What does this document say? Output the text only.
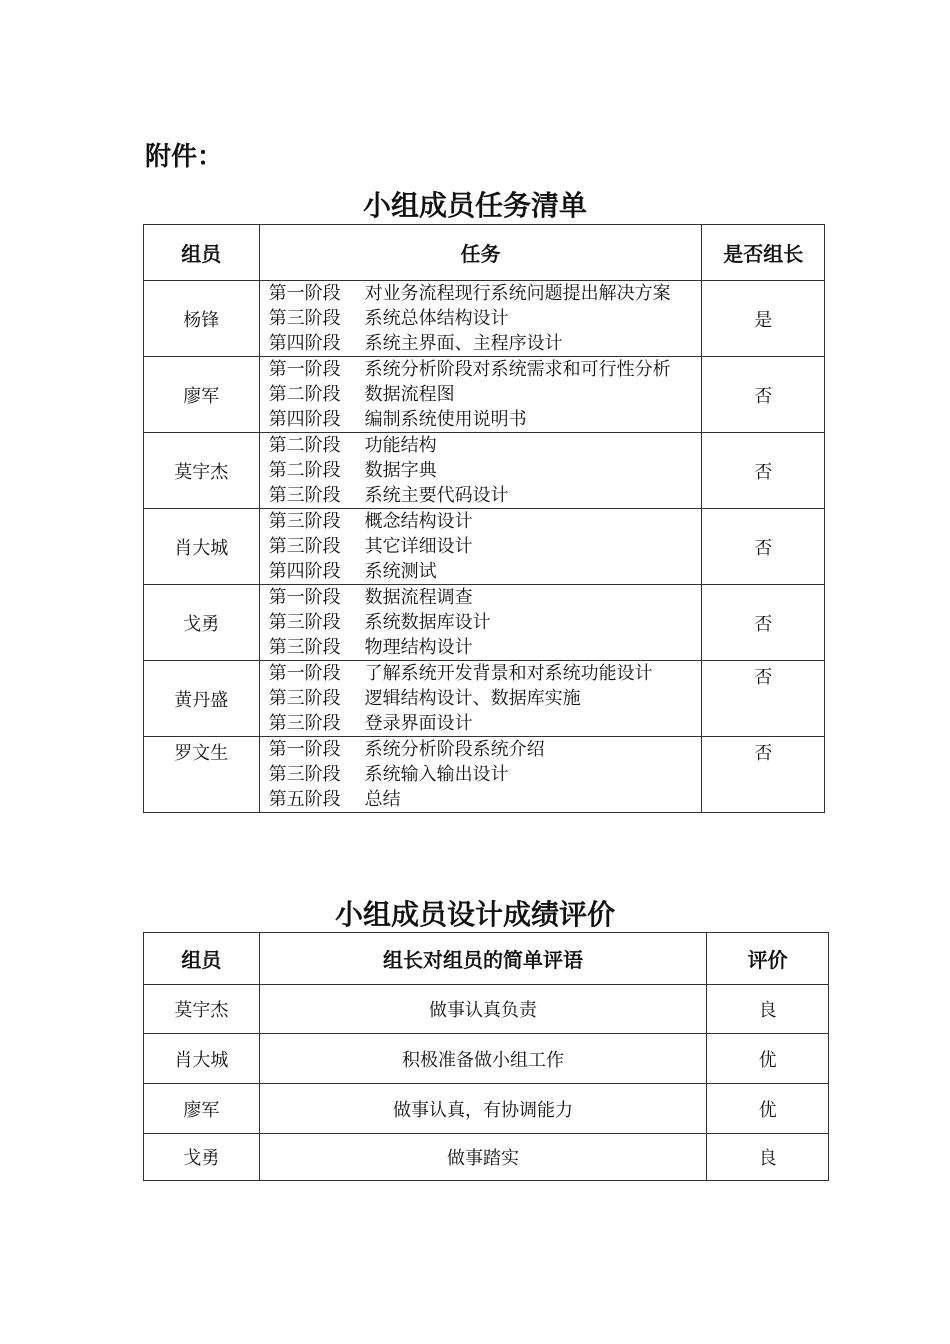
附件：
小组成员任务清单
组员	任务	是否组长
杨锋	第一阶段 对业务流程现行系统问题提出解决方案
第三阶段 系统总体结构设计
第四阶段 系统主界面、主程序设计	是
廖军	第一阶段 系统分析阶段对系统需求和可行性分析
第二阶段 数据流程图
第四阶段 编制系统使用说明书	否
莫宇杰	第二阶段 功能结构
第二阶段 数据字典
第三阶段 系统主要代码设计	否
肖大城	第三阶段 概念结构设计
第三阶段 其它详细设计
第四阶段 系统测试	否
戈勇	第一阶段 数据流程调查
第三阶段 系统数据库设计
第三阶段 物理结构设计	否
黄丹盛	第一阶段 了解系统开发背景和对系统功能设计
第三阶段 逻辑结构设计、数据库实施
第三阶段 登录界面设计	否
罗文生	第一阶段 系统分析阶段系统介绍
第三阶段 系统输入输出设计
第五阶段 总结	否
小组成员设计成绩评价
组员	组长对组员的简单评语	评价
莫宇杰	做事认真负责	良
肖大城	积极准备做小组工作	优
廖军	做事认真，有协调能力	优
戈勇	做事踏实	良
